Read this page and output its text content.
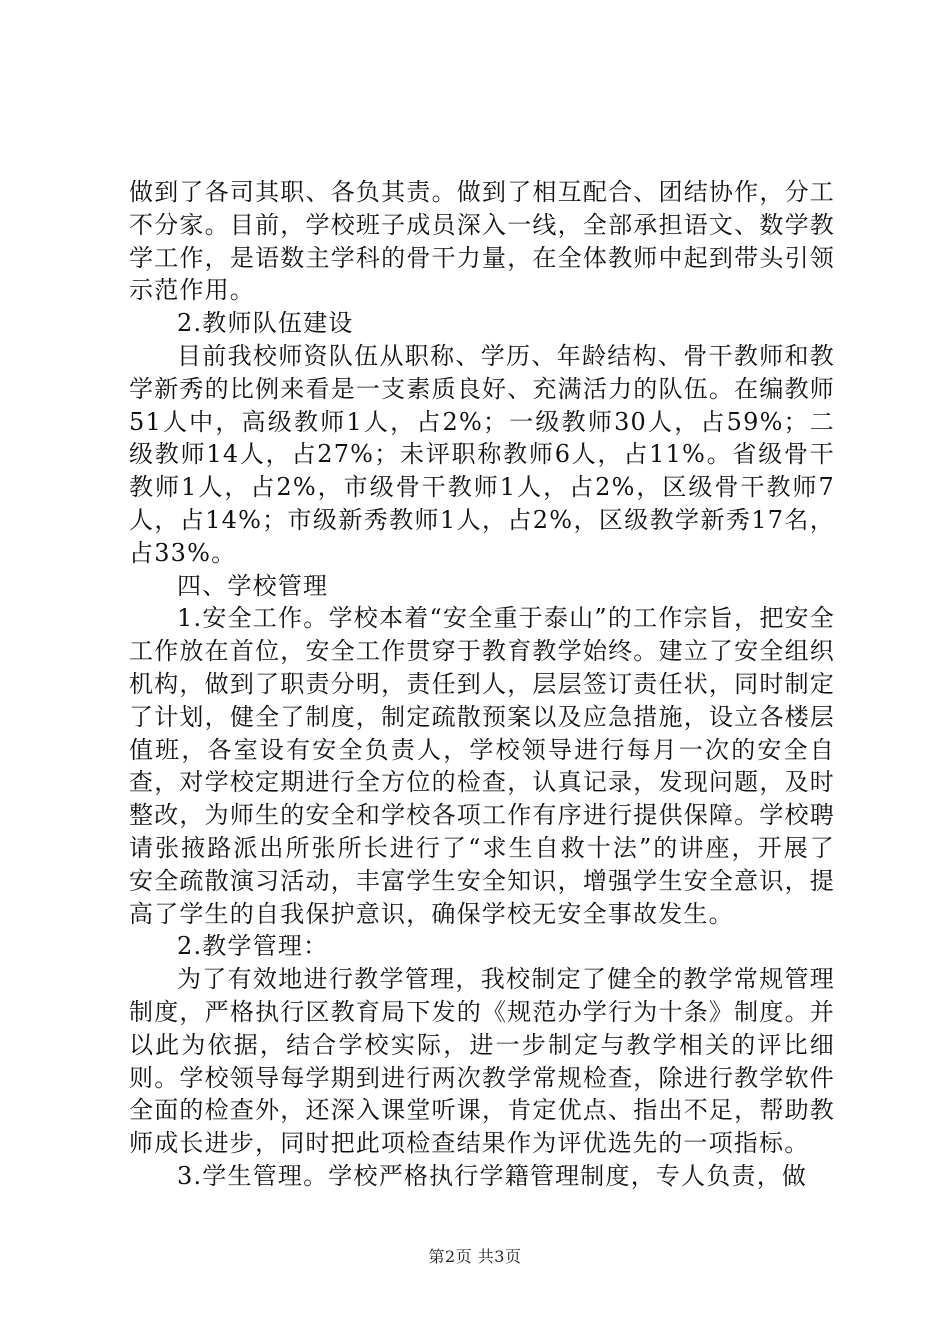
做到了各司其职、各负其责。做到了相互配合、团结协作，分工不分家。目前，学校班子成员深入一线，全部承担语文、数学教学工作，是语数主学科的骨干力量，在全体教师中起到带头引领示范作用。

2.教师队伍建设

目前我校师资队伍从职称、学历、年龄结构、骨干教师和教学新秀的比例来看是一支素质良好、充满活力的队伍。在编教师51人中，高级教师1人，占2%；一级教师30人，占59%；二级教师14人，占27%；未评职称教师6人，占11%。省级骨干教师1人，占2%，市级骨干教师1人，占2%，区级骨干教师7人，占14%；市级新秀教师1人，占2%，区级教学新秀17名，占33%。

四、学校管理

1.安全工作。学校本着“安全重于泰山”的工作宗旨，把安全工作放在首位，安全工作贯穿于教育教学始终。建立了安全组织机构，做到了职责分明，责任到人，层层签订责任状，同时制定了计划，健全了制度，制定疏散预案以及应急措施，设立各楼层值班，各室设有安全负责人，学校领导进行每月一次的安全自查，对学校定期进行全方位的检查，认真记录，发现问题，及时整改，为师生的安全和学校各项工作有序进行提供保障。学校聘请张掖路派出所张所长进行了“求生自救十法”的讲座，开展了安全疏散演习活动，丰富学生安全知识，增强学生安全意识，提高了学生的自我保护意识，确保学校无安全事故发生。

2.教学管理：

为了有效地进行教学管理，我校制定了健全的教学常规管理制度，严格执行区教育局下发的《规范办学行为十条》制度。并以此为依据，结合学校实际，进一步制定与教学相关的评比细则。学校领导每学期到进行两次教学常规检查，除进行教学软件全面的检查外，还深入课堂听课，肯定优点、指出不足，帮助教师成长进步，同时把此项检查结果作为评优选先的一项指标。

3.学生管理。学校严格执行学籍管理制度，专人负责，做

第2页 共3页
